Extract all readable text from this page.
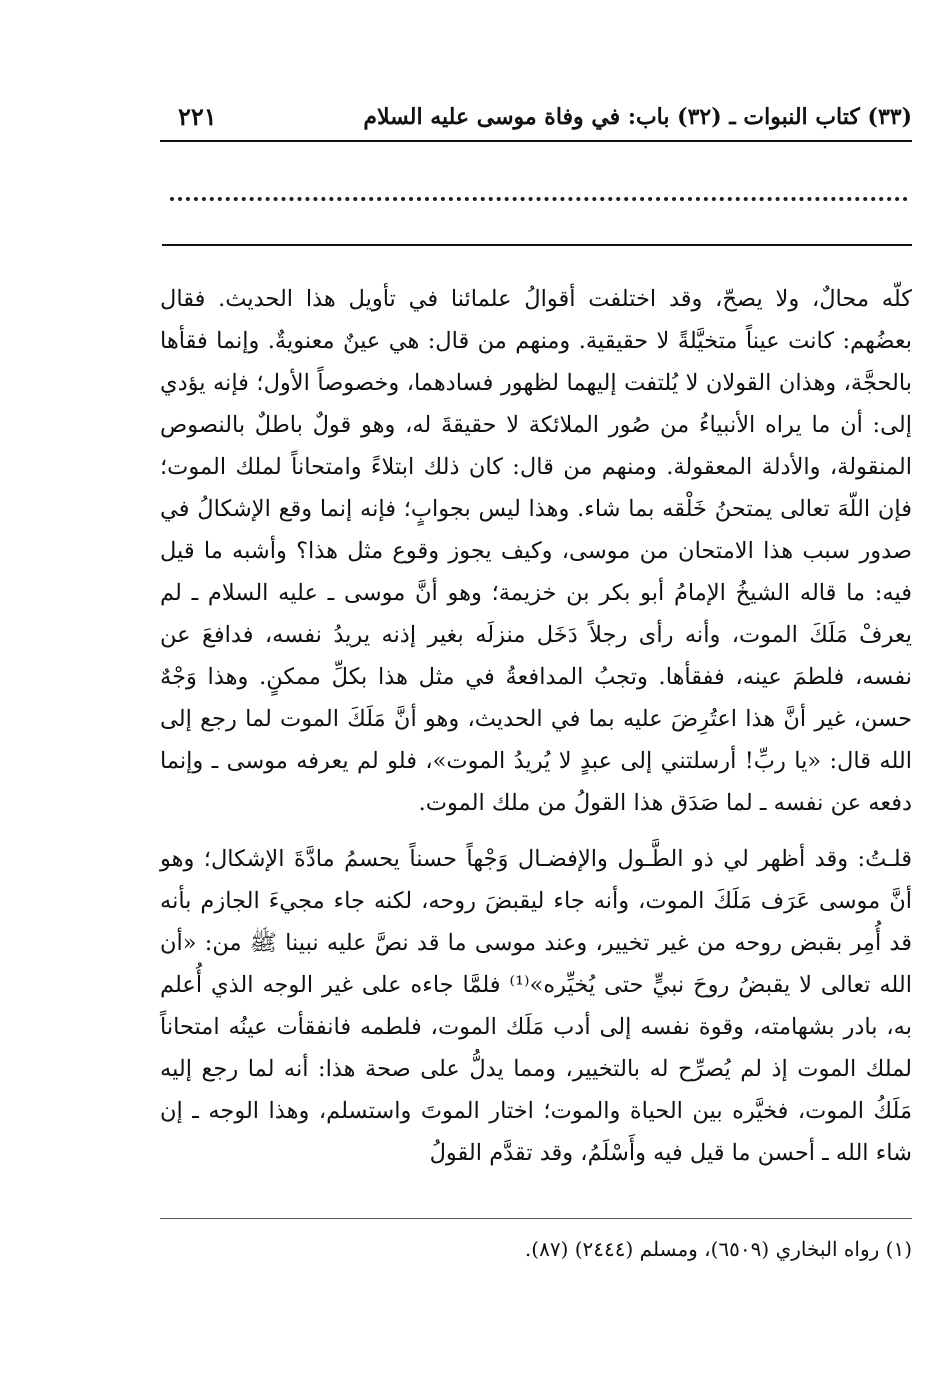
(٣٣) كتاب النبوات ـ (٣٢) باب: في وفاة موسى عليه السلام
٢٢١

كلّه محالٌ، ولا يصحّ، وقد اختلفت أقوالُ علمائنا في تأويل هذا الحديث. فقال بعضُهم: كانت عيناً متخيَّلةً لا حقيقية. ومنهم من قال: هي عينٌ معنويةٌ. وإنما فقأها بالحجَّة، وهذان القولان لا يُلتفت إليهما لظهور فسادهما، وخصوصاً الأول؛ فإنه يؤدي إلى: أن ما يراه الأنبياءُ من صُور الملائكة لا حقيقةَ له، وهو قولٌ باطلٌ بالنصوص المنقولة، والأدلة المعقولة. ومنهم من قال: كان ذلك ابتلاءً وامتحاناً لملك الموت؛ فإن اللّهَ تعالى يمتحنُ خَلْقه بما شاء. وهذا ليس بجوابٍ؛ فإنه إنما وقع الإشكالُ في صدور سبب هذا الامتحان من موسى، وكيف يجوز وقوع مثل هذا؟ وأشبه ما قيل فيه: ما قاله الشيخُ الإمامُ أبو بكر بن خزيمة؛ وهو أنَّ موسى ـ عليه السلام ـ لم يعرفْ مَلَكَ الموت، وأنه رأى رجلاً دَخَل منزلَه بغير إذنه يريدُ نفسه، فدافعَ عن نفسه، فلطمَ عينه، ففقأها. وتجبُ المدافعةُ في مثل هذا بكلِّ ممكنٍ. وهذا وَجْهٌ حسن، غير أنَّ هذا اعتُرِضَ عليه بما في الحديث، وهو أنَّ مَلَكَ الموت لما رجع إلى الله قال: «يا ربِّ! أرسلتني إلى عبدٍ لا يُريدُ الموت»، فلو لم يعرفه موسى ـ وإنما دفعه عن نفسه ـ لما صَدَق هذا القولُ من ملك الموت.

قلـتُ: وقد أظهر لي ذو الطَّـول والإفضـال وَجْهاً حسناً يحسمُ مادَّةَ الإشكال؛ وهو أنَّ موسى عَرَف مَلَكَ الموت، وأنه جاء ليقبضَ روحه، لكنه جاء مجيءَ الجازم بأنه قد أُمِر بقبض روحه من غير تخيير، وعند موسى ما قد نصَّ عليه نبينا ﷺ من: «أن الله تعالى لا يقبضُ روحَ نبيٍّ حتى يُخيِّره»⁽¹⁾ فلمَّا جاءه على غير الوجه الذي أُعلم به، بادر بشهامته، وقوة نفسه إلى أدب مَلَك الموت، فلطمه فانفقأت عينُه امتحاناً لملك الموت إذ لم يُصرِّح له بالتخيير، ومما يدلُّ على صحة هذا: أنه لما رجع إليه مَلَكُ الموت، فخيَّره بين الحياة والموت؛ اختار الموتَ واستسلم، وهذا الوجه ـ إن شاء الله ـ أحسن ما قيل فيه وأَسْلَمُ، وقد تقدَّم القولُ

(١) رواه البخاري (٦٥٠٩)، ومسلم (٢٤٤٤) (٨٧).
